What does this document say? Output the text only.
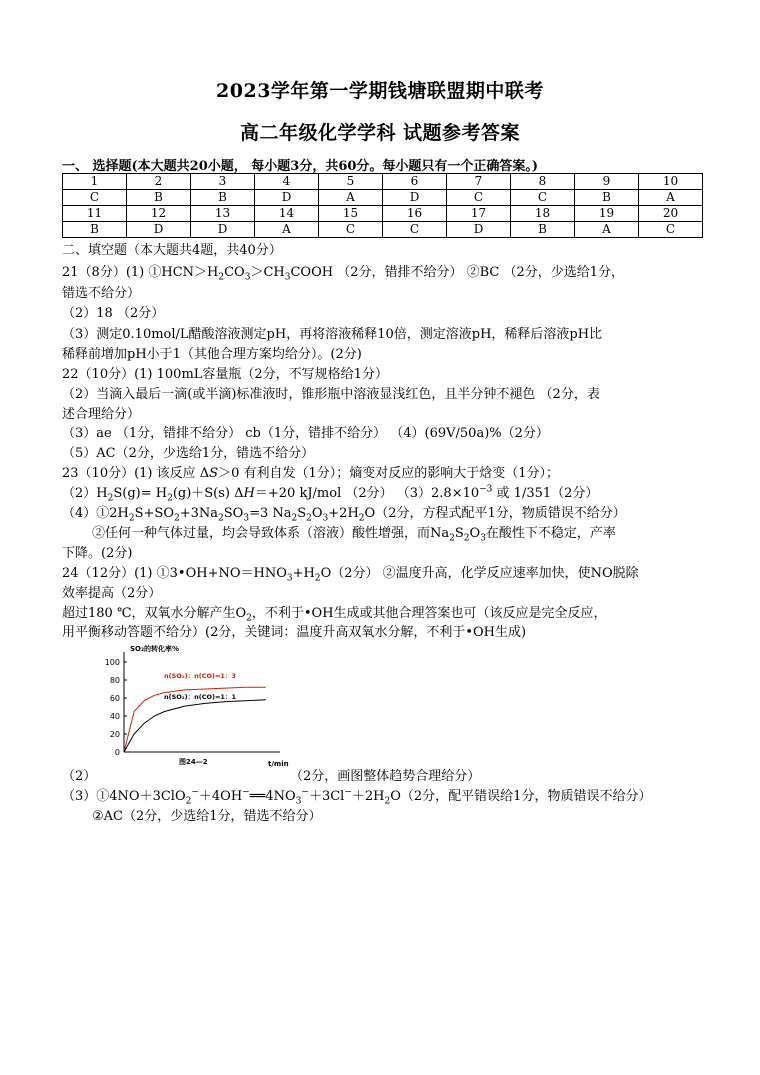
2023学年第一学期钱塘联盟期中联考
高二年级化学学科 试题参考答案
一、 选择题(本大题共20小题， 每小题3分，共60分。每小题只有一个正确答案。)
1	2	3	4	5	6	7	8	9	10
C	B	B	D	A	D	C	C	B	A
11	12	13	14	15	16	17	18	19	20
B	D	D	A	C	C	D	B	A	C
二、填空题（本大题共4题，共40分）
21（8分）(1) $①HCN>H_2CO_3>CH_3COOH$ （2分，错排不给分） ②BC （2分，少选给1分，
错选不给分）
（2）18 （2分）
（3）测定0.10mol/L醋酸溶液测定pH，再将溶液稀释10倍，测定溶液pH，稀释后溶液pH比
稀释前增加pH小于1（其他合理方案均给分）。(2分)
22（10分）(1) 100mL容量瓶（2分，不写规格给1分）
（2）当滴入最后一滴(或半滴)标准液时，锥形瓶中溶液显浅红色，且半分钟不褪色 （2分，表
述合理给分）
（3）ae （1分，错排不给分） cb（1分，错排不给分） （4）(69V/50a)%（2分）
（5）AC（2分，少选给1分，错选不给分）
23（10分）(1) 该反应 ΔS＞0 有利自发（1分）；熵变对反应的影响大于焓变（1分）；
$(2)H_2S(g)= H_2(g)+S(s)$ ΔH＝+20 kJ/mol （2分） $(3)2.8\times 10^{-3}$ 或 1/351（2分）
$(4)①2H_2S+SO_2+3Na_2SO_3=3$ $Na_2S_2O_3+2H_2O(2$分，方程式配平1分，物质错误不给分）
②任何一种气体过量，均会导致体系（溶液）酸性增强，而$Na_2S_2O_3$在酸性下不稳定，产率
下降。(2分)
24（12分）(1) $①3•OH+NO=HNO_3+H_2O(2$分） ②温度升高，化学反应速率加快，使NO脱除
效率提高（2分）
超过180 ℃，双氧水分解产生$O_2$，不利于•OH生成或其他合理答案也可（该反应是完全反应，
用平衡移动答题不给分）(2分，关键词：温度升高双氧水分解，不利于•OH生成)
100
80
60
40
20
0
SO₂的转化率%
t/min
图24—2
n(SO₂)：n(CO)=1：3
n(SO₂)：n(CO)=1：1
（2）	（2分，画图整体趋势合理给分）
$(3)①4NO+3ClO_2^-+4OH^-══4NO_3^-+3Cl^-+2H_2O(2$分，配平错误给1分，物质错误不给分）
②AC（2分，少选给1分，错选不给分）
